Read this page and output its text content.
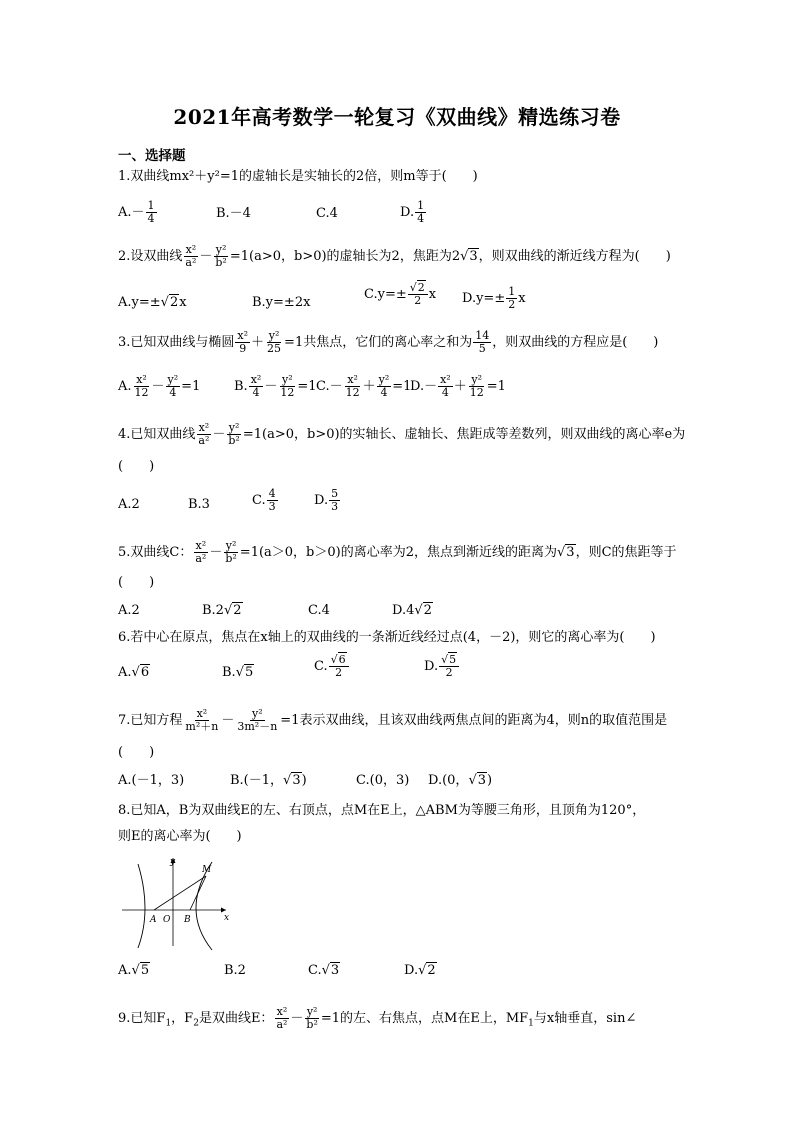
2021年高考数学一轮复习《双曲线》精选练习卷
一、选择题
1.双曲线mx²＋y²=1的虚轴长是实轴长的2倍，则m等于(　　)
$A.- \frac{1}{4}$	B.－4	C.4	D. $\frac{1}{4}$
2.设双曲线 $\frac{\text{x²}}{\text{a²}} - \frac{\text{y²}}{\text{b²}} =1(a>0$，b>0)的虚轴长为2，焦距为2√3，则双曲线的渐近线方程为(　　)
A.y=±√2x	B.y=±2x
$C.y=\pm \frac{√2}{2}$ x $D.y=\pm \frac{1}{2}$ x
3.已知双曲线与椭圆 $\frac{\text{x²}}{9} + \frac{\text{y²}}{25} =1$共焦点，它们的离心率之和为 $\frac{14}{5}$ ，则双曲线的方程应是(　　)
A. $\frac{\text{x²}}{12} - \frac{\text{y²}}{4} =1$	B. $\frac{\text{x²}}{4} - \frac{\text{y²}}{12} =1$ $C.- \frac{\text{x²}}{12} + \frac{\text{y²}}{4} =1$
$D.- \frac{\text{x²}}{4} + \frac{\text{y²}}{12} =1$
4.已知双曲线 $\frac{\text{x²}}{\text{a²}} - \frac{\text{y²}}{\text{b²}} =1(a>0$，b>0)的实轴长、虚轴长、焦距成等差数列，则双曲线的离心率e为
(　　)
A.2	B.3	C. $\frac{4}{3}$	D. $\frac{5}{3}$
5.双曲线C： $\frac{\text{x²}}{\text{a²}} - \frac{\text{y²}}{\text{b²}} =1(a>0$，b＞0)的离心率为2，焦点到渐近线的距离为√3，则C的焦距等于
(　　)
A.2	B.2√2	C.4	D.4√2
6.若中心在原点，焦点在x轴上的双曲线的一条渐近线经过点(4，－2)，则它的离心率为(　　)
A.√6	B.√5	C. $\frac{√6}{2}$	D. $\frac{√5}{2}$
7.已知方程 $\frac{\text{x²}}{\text{m²＋n}} - \frac{\text{y²}}{\text{3m²－n}} =1$表示双曲线，且该双曲线两焦点间的距离为4，则n的取值范围是
(　　)
A.(－1，3)	B.(－1，√3)	C.(0，3) D.(0，√3)
8.已知A，B为双曲线E的左、右顶点，点M在E上，△ABM为等腰三角形，且顶角为120°，
则E的离心率为(　　)
y
x
M
A O B
A.√5	B.2	C.√3	D.√2
9.已知$F_1$，$F_2$是双曲线E： $\frac{\text{x²}}{\text{a²}} - \frac{\text{y²}}{\text{b²}} =1$的左、右焦点，点M在E上，$MF_1$与x轴垂直，sin∠
